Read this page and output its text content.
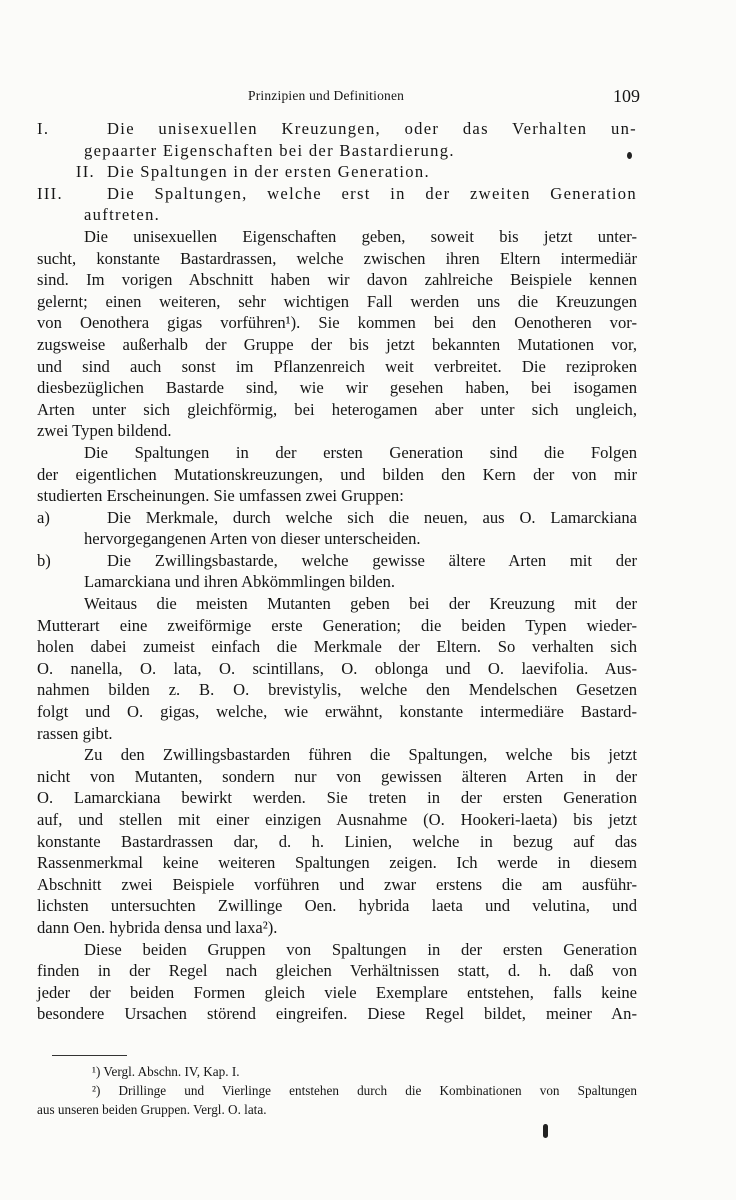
Prinzipien und Definitionen	109
I.	Die unisexuellen Kreuzungen, oder das Verhalten un-
gepaarter Eigenschaften bei der Bastardierung.
II. Die Spaltungen in der ersten Generation.
III.	Die Spaltungen, welche erst in der zweiten Generation
auftreten.
Die unisexuellen Eigenschaften geben, soweit bis jetzt unter-
sucht, konstante Bastardrassen, welche zwischen ihren Eltern intermediär
sind. Im vorigen Abschnitt haben wir davon zahlreiche Beispiele kennen
gelernt; einen weiteren, sehr wichtigen Fall werden uns die Kreuzungen
von Oenothera gigas vorführen¹). Sie kommen bei den Oenotheren vor-
zugsweise außerhalb der Gruppe der bis jetzt bekannten Mutationen vor,
und sind auch sonst im Pflanzenreich weit verbreitet. Die reziproken
diesbezüglichen Bastarde sind, wie wir gesehen haben, bei isogamen
Arten unter sich gleichförmig, bei heterogamen aber unter sich ungleich,
zwei Typen bildend.
Die Spaltungen in der ersten Generation sind die Folgen
der eigentlichen Mutationskreuzungen, und bilden den Kern der von mir
studierten Erscheinungen. Sie umfassen zwei Gruppen:
a)	Die Merkmale, durch welche sich die neuen, aus O. Lamarckiana
hervorgegangenen Arten von dieser unterscheiden.
b)	Die Zwillingsbastarde, welche gewisse ältere Arten mit der
Lamarckiana und ihren Abkömmlingen bilden.
Weitaus die meisten Mutanten geben bei der Kreuzung mit der
Mutterart eine zweiförmige erste Generation; die beiden Typen wieder-
holen dabei zumeist einfach die Merkmale der Eltern. So verhalten sich
O. nanella, O. lata, O. scintillans, O. oblonga und O. laevifolia. Aus-
nahmen bilden z. B. O. brevistylis, welche den Mendelschen Gesetzen
folgt und O. gigas, welche, wie erwähnt, konstante intermediäre Bastard-
rassen gibt.
Zu den Zwillingsbastarden führen die Spaltungen, welche bis jetzt
nicht von Mutanten, sondern nur von gewissen älteren Arten in der
O. Lamarckiana bewirkt werden. Sie treten in der ersten Generation
auf, und stellen mit einer einzigen Ausnahme (O. Hookeri-laeta) bis jetzt
konstante Bastardrassen dar, d. h. Linien, welche in bezug auf das
Rassenmerkmal keine weiteren Spaltungen zeigen. Ich werde in diesem
Abschnitt zwei Beispiele vorführen und zwar erstens die am ausführ-
lichsten untersuchten Zwillinge Oen. hybrida laeta und velutina, und
dann Oen. hybrida densa und laxa²).
Diese beiden Gruppen von Spaltungen in der ersten Generation
finden in der Regel nach gleichen Verhältnissen statt, d. h. daß von
jeder der beiden Formen gleich viele Exemplare entstehen, falls keine
besondere Ursachen störend eingreifen. Diese Regel bildet, meiner An-
¹) Vergl. Abschn. IV, Kap. I.
²) Drillinge und Vierlinge entstehen durch die Kombinationen von Spaltungen
aus unseren beiden Gruppen. Vergl. O. lata.
